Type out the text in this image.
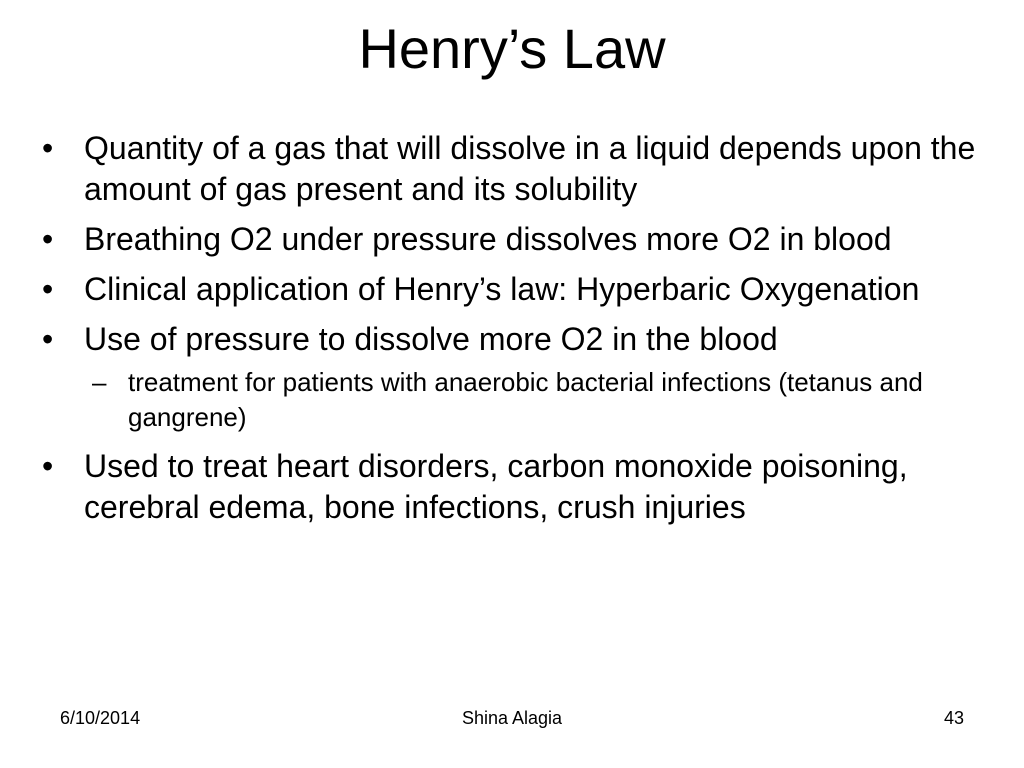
Henry’s Law
• Quantity of a gas that will dissolve in a liquid depends upon the amount of gas present and its solubility
• Breathing O2 under pressure dissolves more O2 in blood
• Clinical application of Henry’s law: Hyperbaric Oxygenation
• Use of pressure to dissolve more O2 in the blood
– treatment for patients with anaerobic bacterial infections (tetanus and gangrene)
• Used to treat heart disorders, carbon monoxide poisoning, cerebral edema, bone infections, crush injuries
Shina Alagia
6/10/2014	43
